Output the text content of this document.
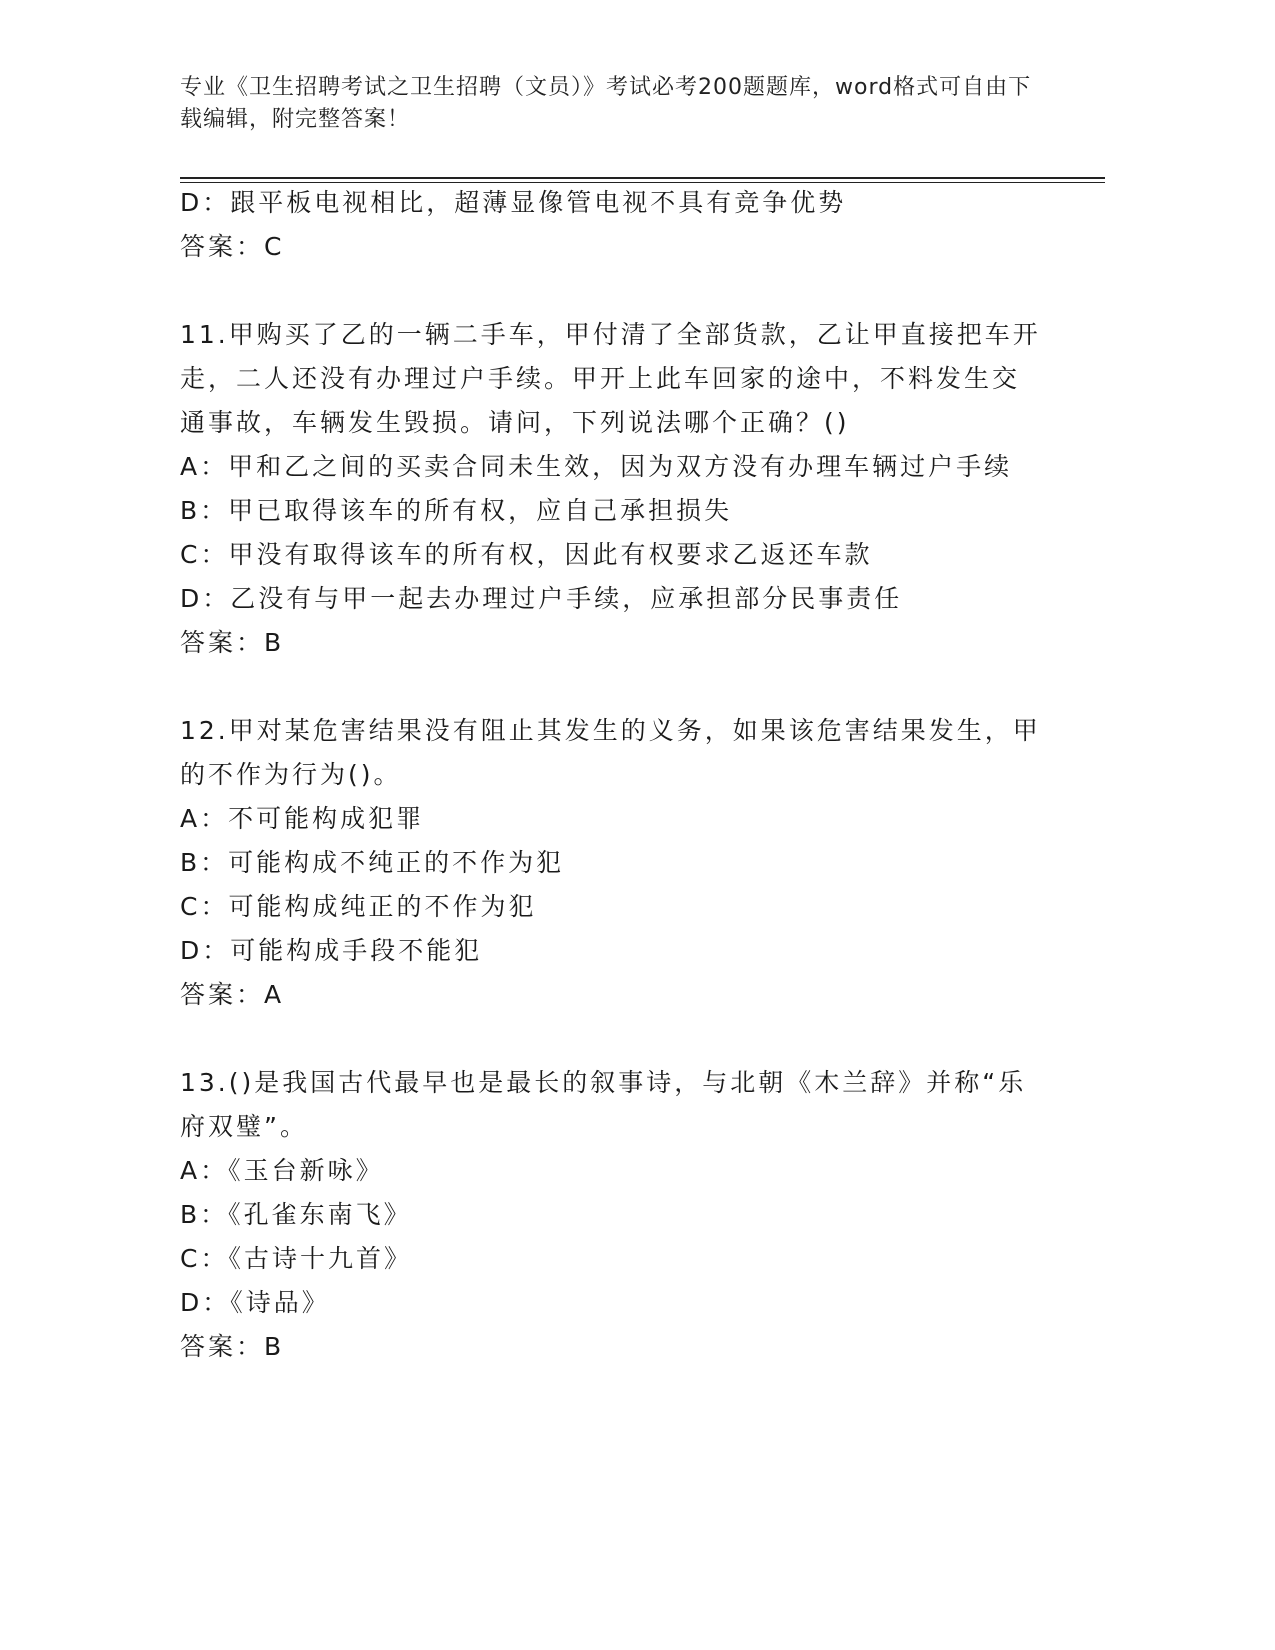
专业《卫生招聘考试之卫生招聘（文员）》考试必考200题题库，word格式可自由下载编辑，附完整答案！
D：跟平板电视相比，超薄显像管电视不具有竞争优势
答案：C
11.甲购买了乙的一辆二手车，甲付清了全部货款，乙让甲直接把车开
走，二人还没有办理过户手续。甲开上此车回家的途中，不料发生交
通事故，车辆发生毁损。请问，下列说法哪个正确？()
A：甲和乙之间的买卖合同未生效，因为双方没有办理车辆过户手续
B：甲已取得该车的所有权，应自己承担损失
C：甲没有取得该车的所有权，因此有权要求乙返还车款
D：乙没有与甲一起去办理过户手续，应承担部分民事责任
答案：B
12.甲对某危害结果没有阻止其发生的义务，如果该危害结果发生，甲
的不作为行为()。
A：不可能构成犯罪
B：可能构成不纯正的不作为犯
C：可能构成纯正的不作为犯
D：可能构成手段不能犯
答案：A
13.()是我国古代最早也是最长的叙事诗，与北朝《木兰辞》并称“乐
府双璧”。
A：《玉台新咏》
B：《孔雀东南飞》
C：《古诗十九首》
D：《诗品》
答案：B
